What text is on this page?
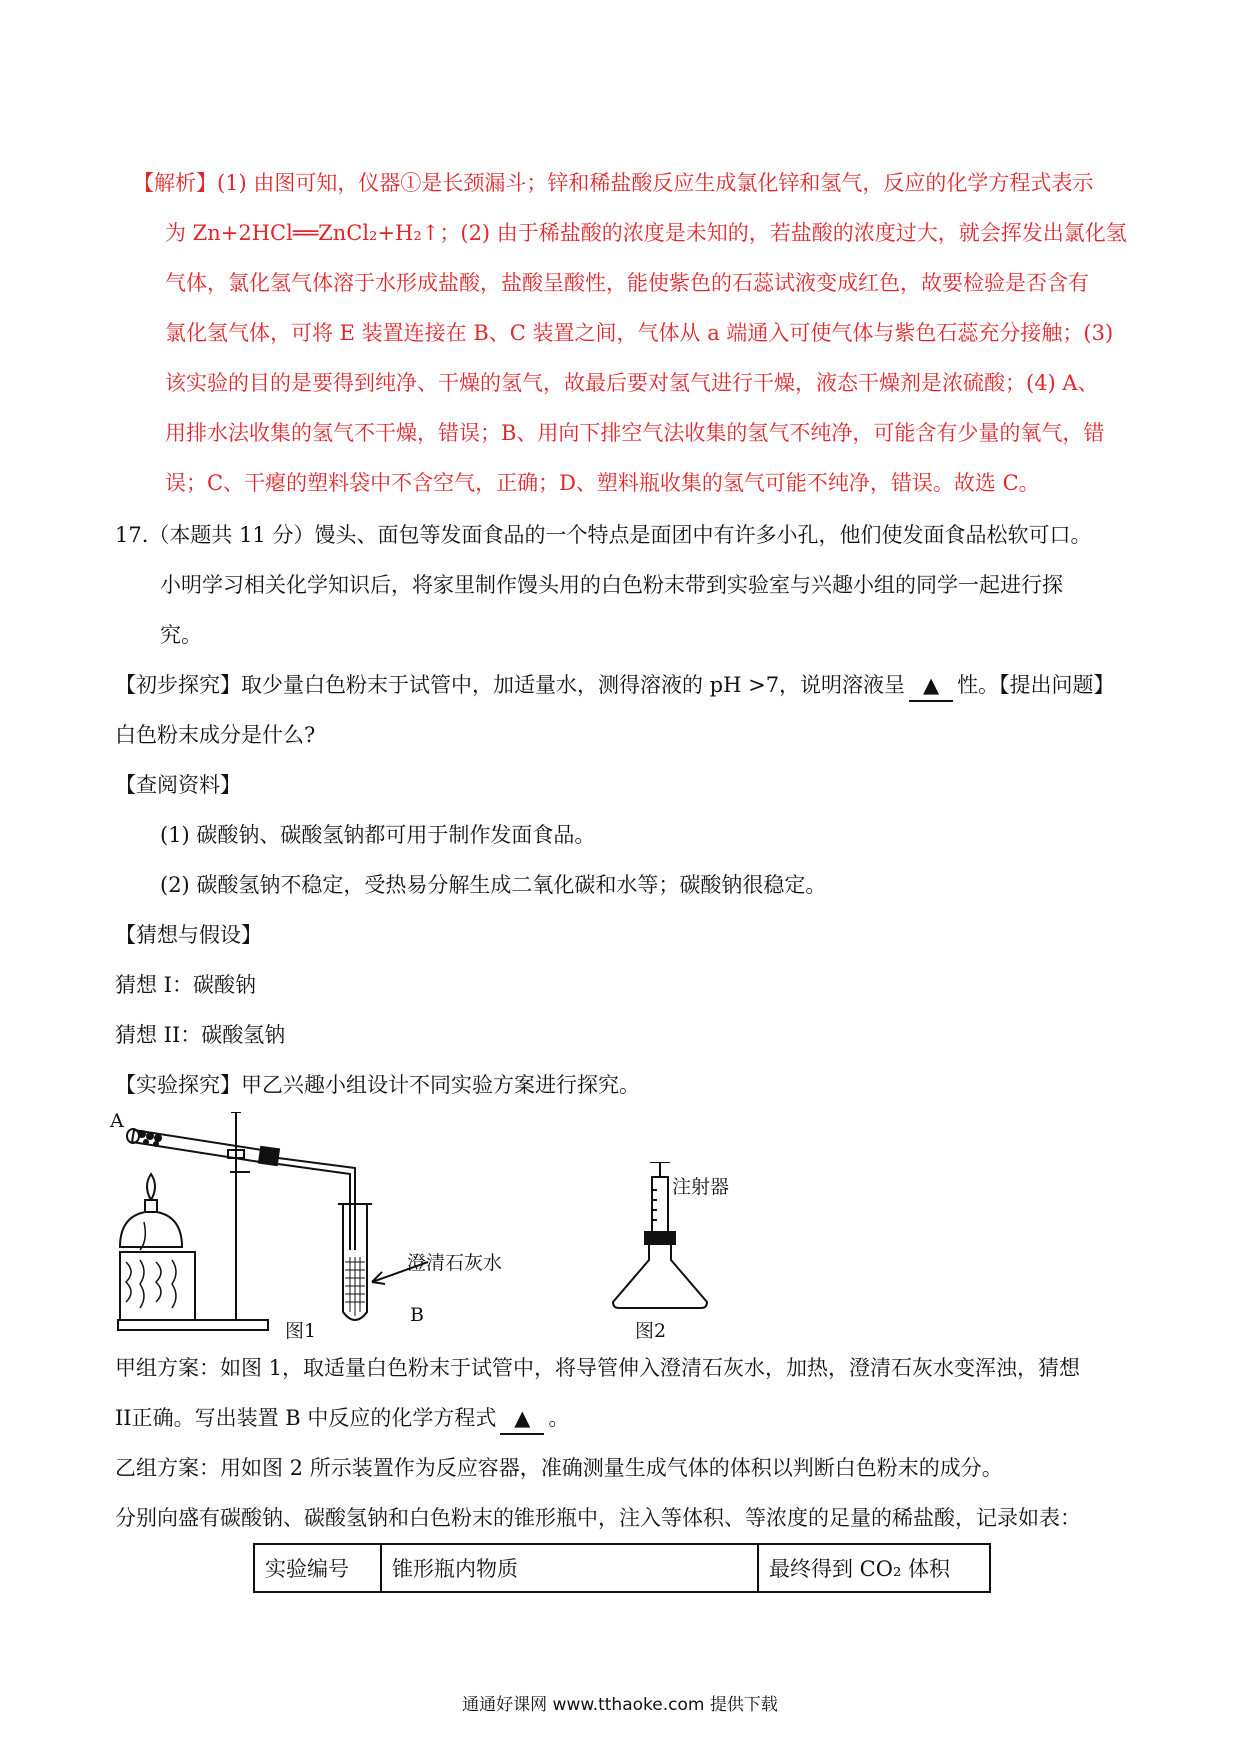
【解析】(1) 由图可知，仪器①是长颈漏斗；锌和稀盐酸反应生成氯化锌和氢气，反应的化学方程式表示
为 Zn+2HCl══ZnCl₂+H₂↑；(2) 由于稀盐酸的浓度是未知的，若盐酸的浓度过大，就会挥发出氯化氢
气体，氯化氢气体溶于水形成盐酸，盐酸呈酸性，能使紫色的石蕊试液变成红色，故要检验是否含有
氯化氢气体，可将 E 装置连接在 B、C 装置之间，气体从 a 端通入可使气体与紫色石蕊充分接触；(3)
该实验的目的是要得到纯净、干燥的氢气，故最后要对氢气进行干燥，液态干燥剂是浓硫酸；(4) A、
用排水法收集的氢气不干燥，错误；B、用向下排空气法收集的氢气不纯净，可能含有少量的氧气，错
误；C、干瘪的塑料袋中不含空气，正确；D、塑料瓶收集的氢气可能不纯净，错误。故选 C。
17.（本题共 11 分）馒头、面包等发面食品的一个特点是面团中有许多小孔，他们使发面食品松软可口。
小明学习相关化学知识后，将家里制作馒头用的白色粉末带到实验室与兴趣小组的同学一起进行探
究。
【初步探究】取少量白色粉末于试管中，加适量水，测得溶液的 pH >7，说明溶液呈 ▲ 性。【提出问题】
白色粉末成分是什么?
【查阅资料】
(1) 碳酸钠、碳酸氢钠都可用于制作发面食品。
(2) 碳酸氢钠不稳定，受热易分解生成二氧化碳和水等；碳酸钠很稳定。
【猜想与假设】
猜想 I：碳酸钠
猜想 II：碳酸氢钠
【实验探究】甲乙兴趣小组设计不同实验方案进行探究。
A
澄清石灰水
B
图1
注射器
图2
甲组方案：如图 1，取适量白色粉末于试管中，将导管伸入澄清石灰水，加热，澄清石灰水变浑浊，猜想
II正确。写出装置 B 中反应的化学方程式 ▲ 。
乙组方案：用如图 2 所示装置作为反应容器，准确测量生成气体的体积以判断白色粉末的成分。
分别向盛有碳酸钠、碳酸氢钠和白色粉末的锥形瓶中，注入等体积、等浓度的足量的稀盐酸，记录如表：
实验编号	锥形瓶内物质	最终得到 CO₂ 体积
通通好课网 www.tthaoke.com 提供下载
